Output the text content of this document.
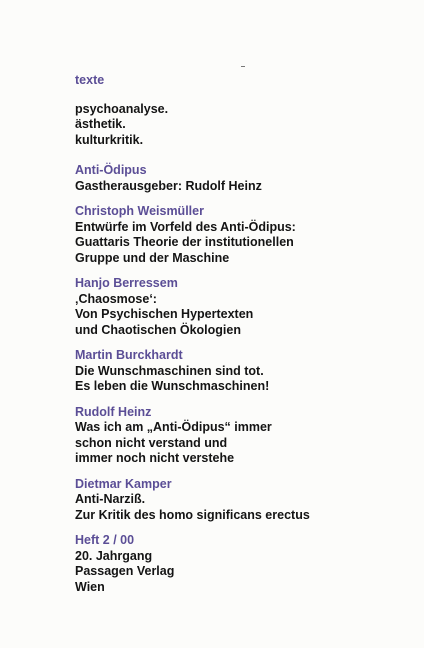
texte
psychoanalyse.
ästhetik.
kulturkritik.
Anti-Ödipus
Gastherausgeber: Rudolf Heinz
Christoph Weismüller
Entwürfe im Vorfeld des Anti-Ödipus:
Guattaris Theorie der institutionellen
Gruppe und der Maschine
Hanjo Berressem
‚Chaosmose‘:
Von Psychischen Hypertexten
und Chaotischen Ökologien
Martin Burckhardt
Die Wunschmaschinen sind tot.
Es leben die Wunschmaschinen!
Rudolf Heinz
Was ich am „Anti-Ödipus“ immer
schon nicht verstand und
immer noch nicht verstehe
Dietmar Kamper
Anti-Narziß.
Zur Kritik des homo significans erectus
Heft 2 / 00
20. Jahrgang
Passagen Verlag
Wien
